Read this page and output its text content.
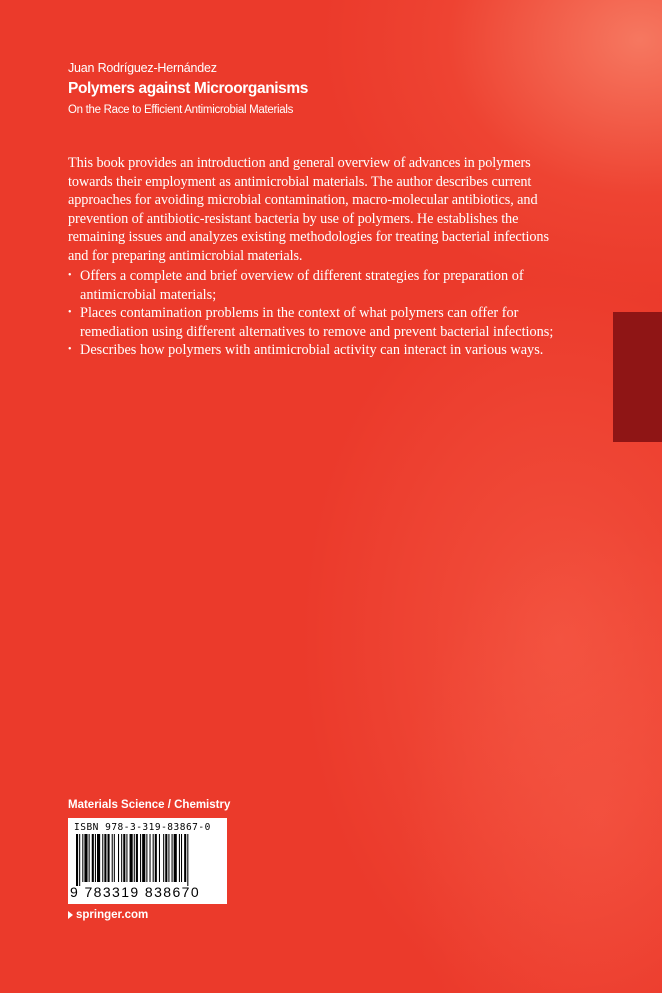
Juan Rodríguez-Hernández
Polymers against Microorganisms
On the Race to Efficient Antimicrobial Materials

This book provides an introduction and general overview of advances in polymers towards their employment as antimicrobial materials. The author describes current approaches for avoiding microbial contamination, macro-molecular antibiotics, and prevention of antibiotic-resistant bacteria by use of polymers. He establishes the remaining issues and analyzes existing methodologies for treating bacterial infections and for preparing antimicrobial materials.

• Offers a complete and brief overview of different strategies for preparation of antimicrobial materials;
• Places contamination problems in the context of what polymers can offer for remediation using different alternatives to remove and prevent bacterial infections;
• Describes how polymers with antimicrobial activity can interact in various ways.
Materials Science / Chemistry
ISBN 978-3-319-83867-0
9 783319 838670
springer.com
